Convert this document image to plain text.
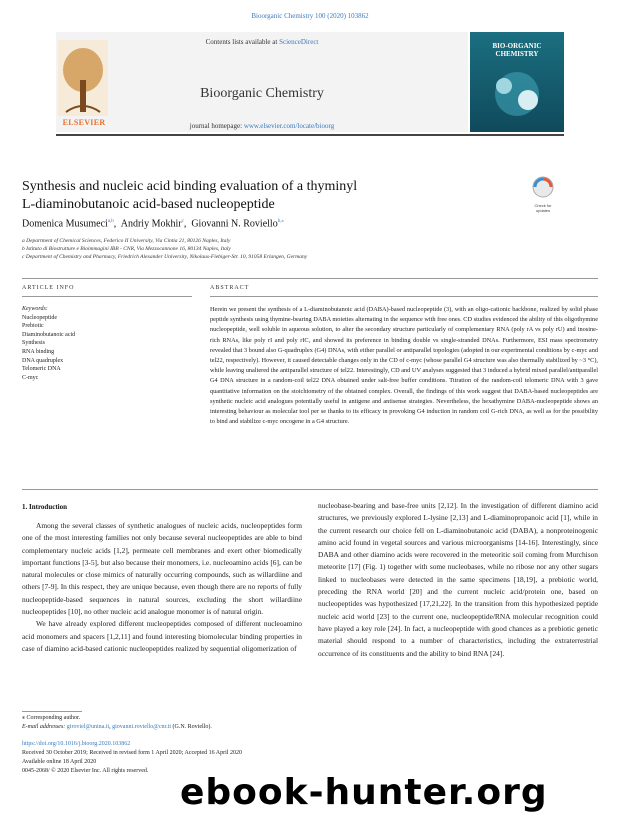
Bioorganic Chemistry 100 (2020) 103862
Contents lists available at ScienceDirect
Bioorganic Chemistry
journal homepage: www.elsevier.com/locate/bioorg
ELSEVIER
BIO-ORGANIC CHEMISTRY
Synthesis and nucleic acid binding evaluation of a thyminyl
L-diaminobutanoic acid-based nucleopeptide	Check for updates
Domenica Musumeci$^{a,b}$,  Andriy Mokhir$^c$,  Giovanni N. Roviello$^{b,⁎}$
a Department of Chemical Sciences, Federico II University, Via Cintia 21, 80126 Naples, Italy
b Istituto di Biostrutture e Bioimmagini IBB - CNR, Via Mezzocannone 16, 80134 Naples, Italy
c Department of Chemistry and Pharmacy, Friedrich Alexander University, Nikolaus-Fiebiger-Str. 10, 91058 Erlangen, Germany
ARTICLE INFO	ABSTRACT
Keywords:
Nucleopeptide
Prebiotic
Diaminobutanoic acid
Synthesis
RNA binding
DNA quadruplex
Telomeric DNA
C-myc
Herein we present the synthesis of a L-diaminobutanoic acid (DABA)-based nucleopeptide (3), with an oligo-cationic backbone, realized by solid phase peptide synthesis using thymine-bearing DABA moieties alternating in the sequence with free ones. CD studies evidenced the ability of this oligothymine nucleopeptide, well soluble in aqueous solution, to alter the secondary structure particularly of complementary RNA (poly rA vs poly rU) and inosine-rich RNAs, like poly rI and poly rIC, and showed its preference in binding double vs single-stranded DNAs. Furthermore, ESI mass spectrometry revealed that 3 bound also G-quadruplex (G4) DNAs, with either parallel or antiparallel topologies (adopted in our experimental conditions by c-myc and tel22, respectively). However, it caused detectable changes only in the CD of c-myc (whose parallel G4 structure was also thermally stabilized by ~3 °C), while leaving unaltered the antiparallel structure of tel22. Interestingly, CD and UV analyses suggested that 3 induced a hybrid mixed parallel/antiparallel G4 DNA structure in a random-coil tel22 DNA obtained under salt-free buffer conditions. Titration of the random-coil telomeric DNA with 3 gave quantitative information on the stoichiometry of the obtained complex. Overall, the findings of this work suggest that DABA-based nucleopeptides are synthetic nucleic acid analogues potentially useful in antigene and antisense strategies. Nevertheless, the hexathymine DABA-nucleopeptide shows an interesting behaviour as molecular tool per se thanks to its efficacy in provoking G4 induction in random coil G-rich DNA, as well as for the possibility to bind and stabilize c-myc oncogene in a G4 structure.
1. Introduction

Among the several classes of synthetic analogues of nucleic acids, nucleopeptides form one of the most interesting families not only because several nucleopeptides are able to bind complementary nucleic acids [1,2], permeate cell membranes and exert other biomedically important functions [3-5], but also because their monomers, i.e. nucleoamino acids [6], can be natural molecules or close mimics of naturally occurring compounds, such as willardiine and others [7-9]. In this respect, they are unique because, even though there are no reports of fully nucleopeptide-based sequences in natural sources, excluding the short willardiine nucleopeptides [10], no other nucleic acid analogue monomer is of natural origin.

We have already explored different nucleopeptides composed of different nucleoamino acid monomers and spacers [1,2,11] and found interesting biomolecular binding properties in case of diamino acid-based cationic nucleopeptides realized by sequential oligomerization of

nucleobase-bearing and base-free units [2,12]. In the investigation of different diamino acid structures, we previously explored L-lysine [2,13] and L-diaminopropanoic acid [1], while in the current research our choice fell on L-diaminobutanoic acid (DABA), a nonproteinogenic amino acid found in vegetal sources and various microorganisms [14-16]. Interestingly, since DABA and other diamino acids were recovered in the meteoritic soil coming from Murchison meteorite [17] (Fig. 1) together with some nucleobases, while no ribose nor any other sugars linked to nucleobases were detected in the same specimens [18,19], a prebiotic world, preceding the RNA world [20] and the current nucleic acid/protein one, based on nucleopeptides was hypothesized [17,21,22]. In the transition from this hypothesized peptide nucleic acid world [23] to the current one, nucleopeptide/RNA molecular recognition could have played a key role [24]. In fact, a nucleopeptide with good chances as a prebiotic genetic material should respond to a number of characteristics, including the extraterrestrial occurrence of its constituents and the ability to bind RNA [24].

⁎ Corresponding author.
E-mail addresses: giroviel@unina.it, giovanni.roviello@cnr.it (G.N. Roviello).
https://doi.org/10.1016/j.bioorg.2020.103862
Received 30 October 2019; Received in revised form 1 April 2020; Accepted 16 April 2020
Available online 18 April 2020
0045-2068/ © 2020 Elsevier Inc. All rights reserved.
ebook-hunter.org
